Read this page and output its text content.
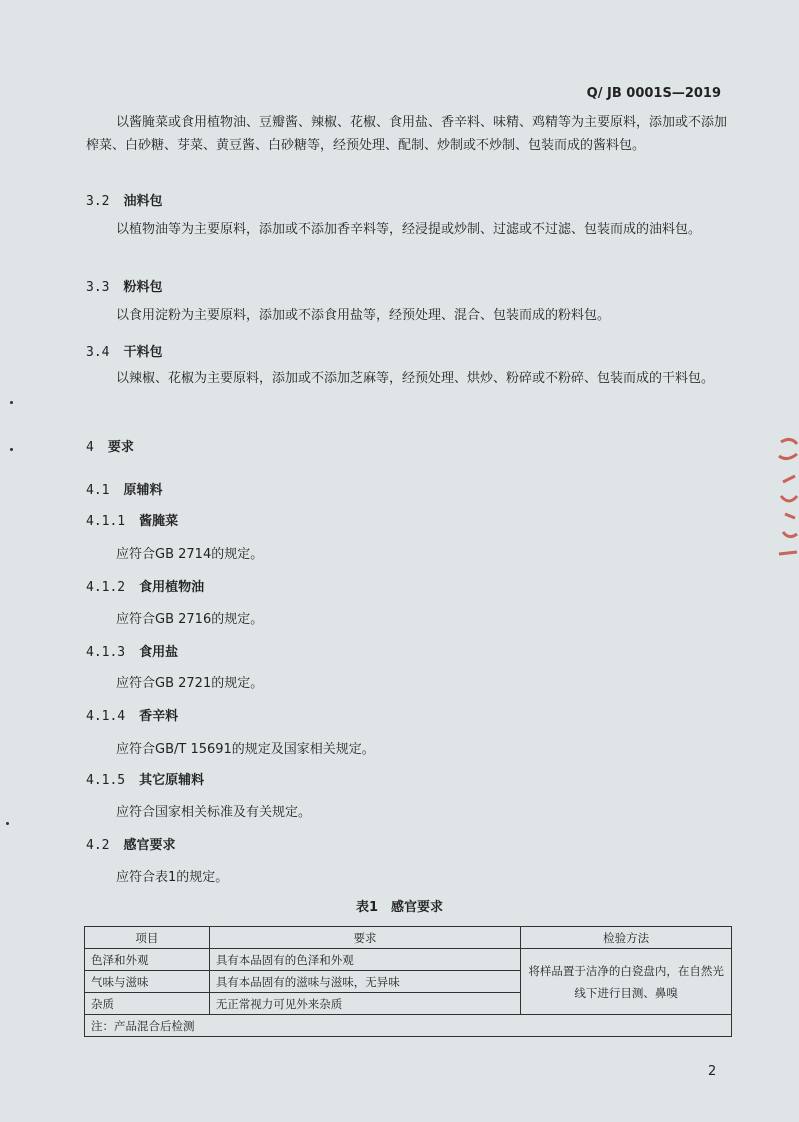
Q/ JB 0001S—2019
以酱腌菜或食用植物油、豆瓣酱、辣椒、花椒、食用盐、香辛料、味精、鸡精等为主要原料，添加或不添加榨菜、白砂糖、芽菜、黄豆酱、白砂糖等，经预处理、配制、炒制或不炒制、包装而成的酱料包。
3.2 油料包
以植物油等为主要原料，添加或不添加香辛料等，经浸提或炒制、过滤或不过滤、包装而成的油料包。
3.3 粉料包
以食用淀粉为主要原料，添加或不添食用盐等，经预处理、混合、包装而成的粉料包。
3.4 干料包
以辣椒、花椒为主要原料，添加或不添加芝麻等，经预处理、烘炒、粉碎或不粉碎、包装而成的干料包。
4 要求
4.1 原辅料
4.1.1 酱腌菜
应符合GB 2714的规定。
4.1.2 食用植物油
应符合GB 2716的规定。
4.1.3 食用盐
应符合GB 2721的规定。
4.1.4 香辛料
应符合GB/T 15691的规定及国家相关规定。
4.1.5 其它原辅料
应符合国家相关标准及有关规定。
4.2 感官要求
应符合表1的规定。
表1　感官要求
项目	要求	检验方法
色泽和外观	具有本品固有的色泽和外观	将样品置于洁净的白瓷盘内，在自然光线下进行目测、鼻嗅
气味与滋味	具有本品固有的滋味与滋味，无异味	
杂质	无正常视力可见外来杂质	
注：产品混合后检测		
2
